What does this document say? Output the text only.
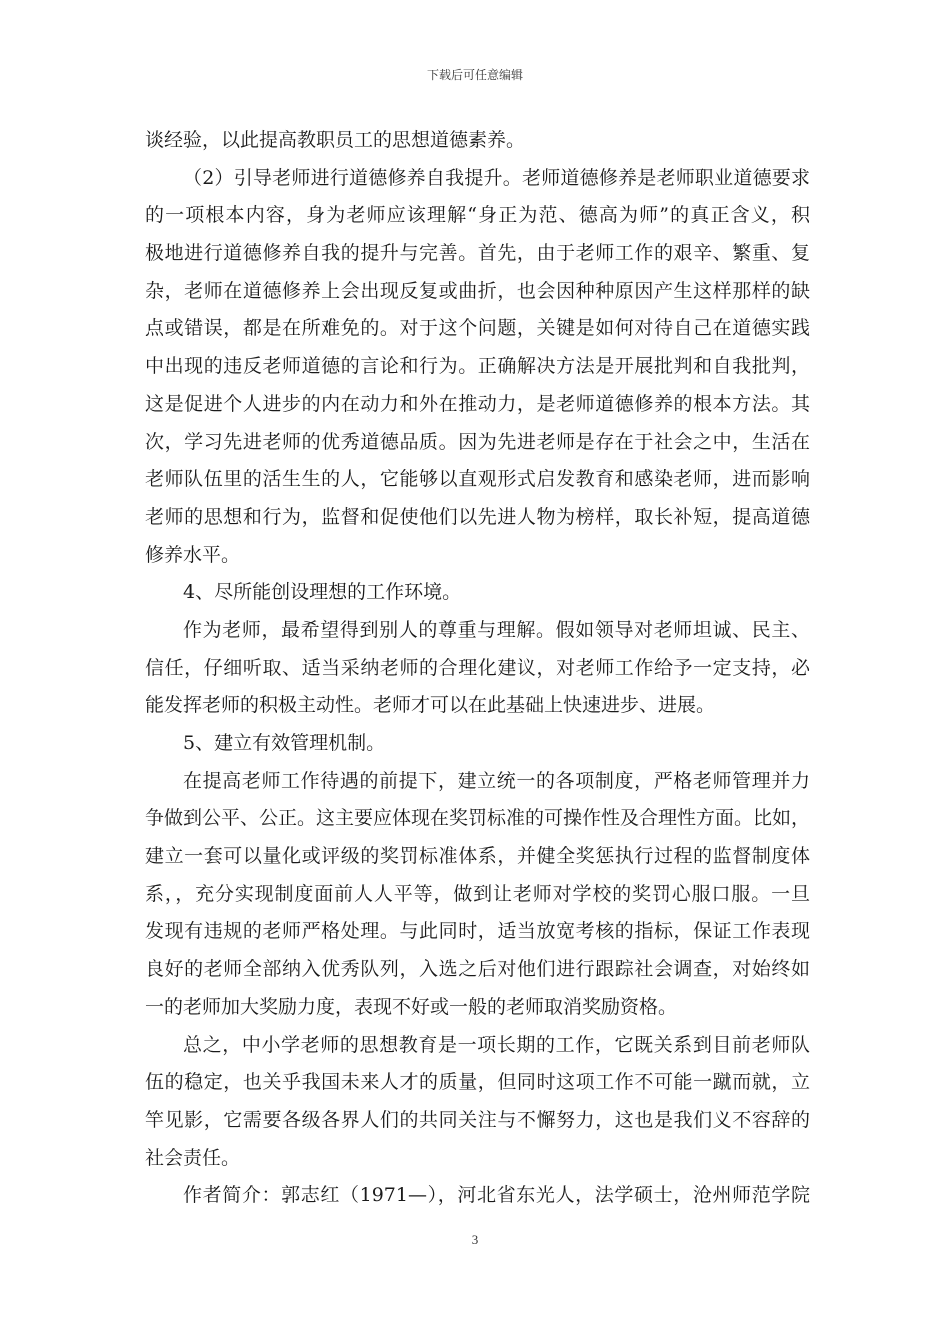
下载后可任意编辑
谈经验，以此提高教职员工的思想道德素养。
（2）引导老师进行道德修养自我提升。老师道德修养是老师职业道德要求
的一项根本内容，身为老师应该理解“身正为范、德高为师”的真正含义，积
极地进行道德修养自我的提升与完善。首先，由于老师工作的艰辛、繁重、复
杂，老师在道德修养上会出现反复或曲折，也会因种种原因产生这样那样的缺
点或错误，都是在所难免的。对于这个问题，关键是如何对待自己在道德实践
中出现的违反老师道德的言论和行为。正确解决方法是开展批判和自我批判，
这是促进个人进步的内在动力和外在推动力，是老师道德修养的根本方法。其
次，学习先进老师的优秀道德品质。因为先进老师是存在于社会之中，生活在
老师队伍里的活生生的人，它能够以直观形式启发教育和感染老师，进而影响
老师的思想和行为，监督和促使他们以先进人物为榜样，取长补短，提高道德
修养水平。
4、尽所能创设理想的工作环境。
作为老师，最希望得到别人的尊重与理解。假如领导对老师坦诚、民主、
信任，仔细听取、适当采纳老师的合理化建议，对老师工作给予一定支持，必
能发挥老师的积极主动性。老师才可以在此基础上快速进步、进展。
5、建立有效管理机制。
在提高老师工作待遇的前提下，建立统一的各项制度，严格老师管理并力
争做到公平、公正。这主要应体现在奖罚标准的可操作性及合理性方面。比如，
建立一套可以量化或评级的奖罚标准体系，并健全奖惩执行过程的监督制度体
系，，充分实现制度面前人人平等，做到让老师对学校的奖罚心服口服。一旦
发现有违规的老师严格处理。与此同时，适当放宽考核的指标，保证工作表现
良好的老师全部纳入优秀队列，入选之后对他们进行跟踪社会调查，对始终如
一的老师加大奖励力度，表现不好或一般的老师取消奖励资格。
总之，中小学老师的思想教育是一项长期的工作，它既关系到目前老师队
伍的稳定，也关乎我国未来人才的质量，但同时这项工作不可能一蹴而就，立
竿见影，它需要各级各界人们的共同关注与不懈努力，这也是我们义不容辞的
社会责任。
作者简介：郭志红（1971—），河北省东光人，法学硕士，沧州师范学院
3
